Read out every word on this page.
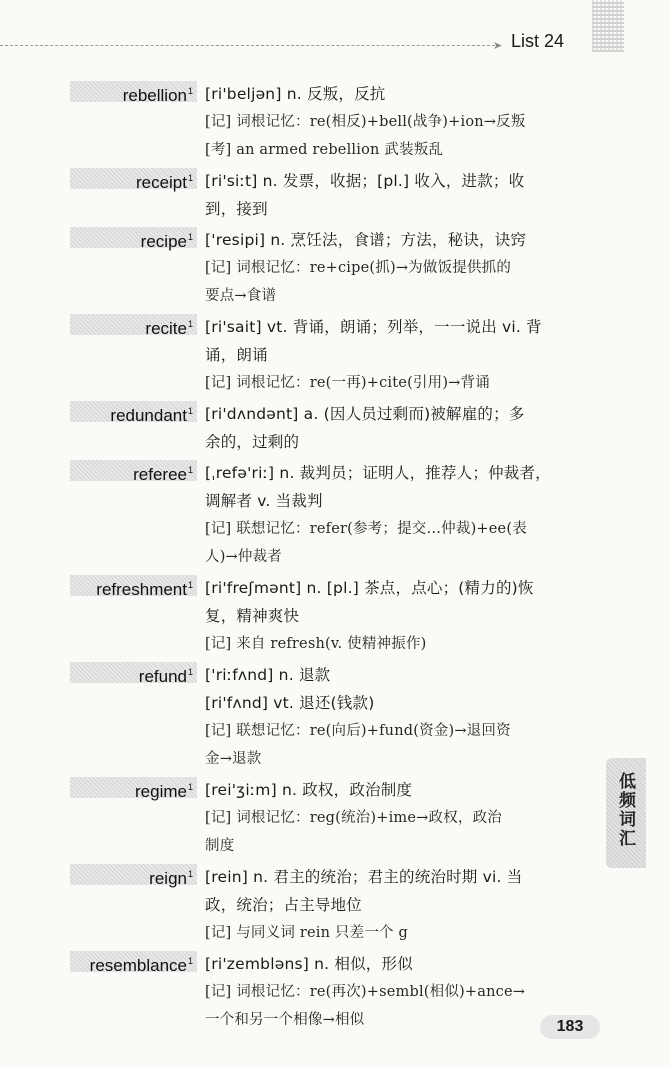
➤ List 24
rebellion$^1$ [ri'beljən] n. 反叛，反抗
[记] 词根记忆：re(相反)+bell(战争)+ion→反叛
[考] an armed rebellion 武装叛乱
receipt$^1$ [ri'siːt] n. 发票，收据；[pl.] 收入，进款；收
到，接到
recipe$^1$ ['resipi] n. 烹饪法，食谱；方法，秘诀，诀窍
[记] 词根记忆：re+cipe(抓)→为做饭提供抓的
要点→食谱
recite$^1$ [ri'sait] vt. 背诵，朗诵；列举，一一说出 vi. 背
诵，朗诵
[记] 词根记忆：re(一再)+cite(引用)→背诵
redundant$^1$ [ri'dʌndənt] a. (因人员过剩而)被解雇的；多
余的，过剩的
referee$^1$ [ˌrefə'riː] n. 裁判员；证明人，推荐人；仲裁者，
调解者 v. 当裁判
[记] 联想记忆：refer(参考；提交…仲裁)+ee(表
人)→仲裁者
refreshment$^1$ [ri'freʃmənt] n. [pl.] 茶点，点心；(精力的)恢
复，精神爽快
[记] 来自 refresh(v. 使精神振作)
refund$^1$ ['riːfʌnd] n. 退款
[ri'fʌnd] vt. 退还(钱款)
[记] 联想记忆：re(向后)+fund(资金)→退回资
金→退款
regime$^1$ [rei'ʒiːm] n. 政权，政治制度
[记] 词根记忆：reg(统治)+ime→政权，政治
制度
reign$^1$ [rein] n. 君主的统治；君主的统治时期 vi. 当
政，统治；占主导地位
[记] 与同义词 rein 只差一个 g
resemblance$^1$ [ri'zembləns] n. 相似，形似
[记] 词根记忆：re(再次)+sembl(相似)+ance→
一个和另一个相像→相似
低频词汇
183
